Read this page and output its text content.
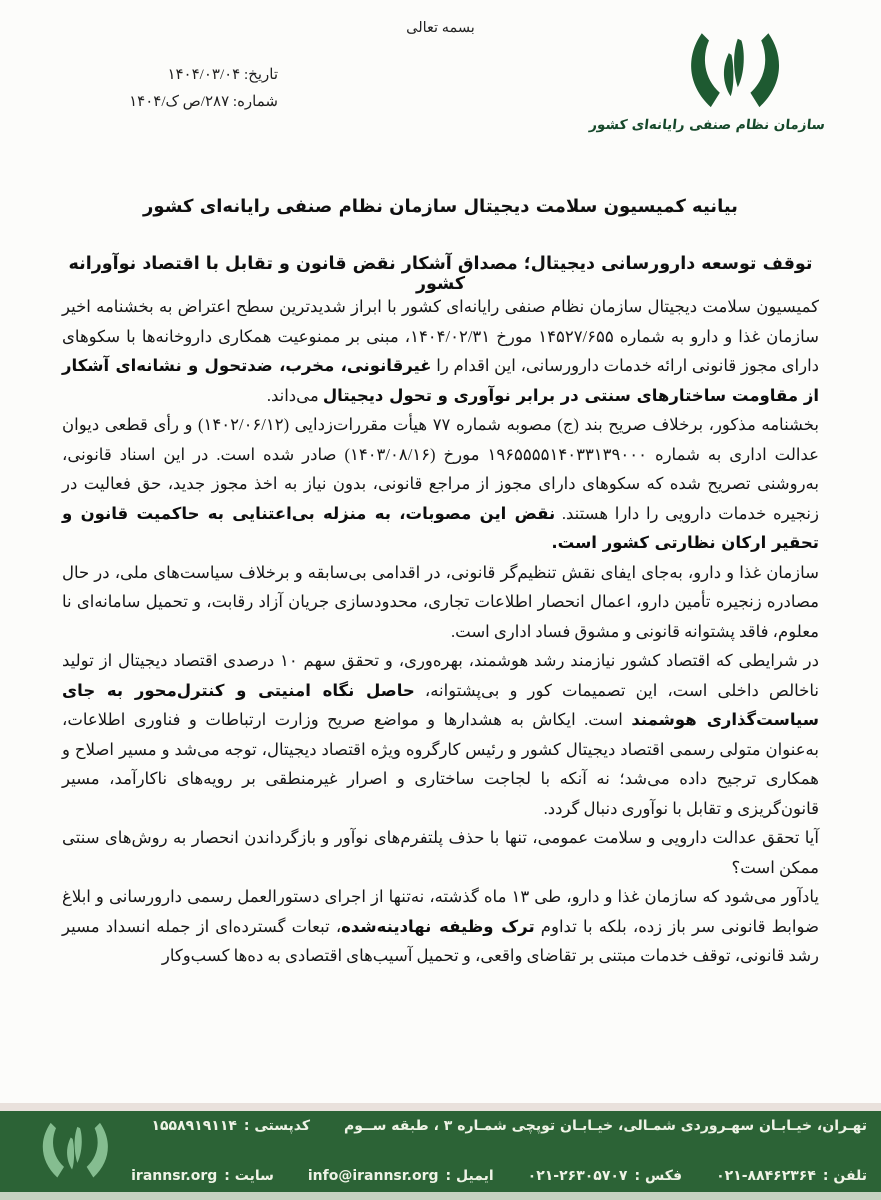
بسمه تعالی
تاریخ: ۱۴۰۴/۰۳/۰۴
شماره: ۲۸۷/ص ک/۱۴۰۴
سازمان نظام صنفی رایانه‌ای کشور
بیانیه کمیسیون سلامت دیجیتال سازمان نظام صنفی رایانه‌ای کشور
توقف توسعه دارورسانی دیجیتال؛ مصداق آشکار نقض قانون و تقابل با اقتصاد نوآورانه کشور

کمیسیون سلامت دیجیتال سازمان نظام صنفی رایانه‌ای کشور با ابراز شدیدترین سطح اعتراض به بخشنامه اخیر سازمان غذا و دارو به شماره ۱۴۵۲۷/۶۵۵ مورخ ۱۴۰۴/۰۲/۳۱، مبنی بر ممنوعیت همکاری داروخانه‌ها با سکوهای دارای مجوز قانونی ارائه خدمات دارورسانی، این اقدام را غیرقانونی، مخرب، ضدتحول و نشانه‌ای آشکار از مقاومت ساختارهای سنتی در برابر نوآوری و تحول دیجیتال می‌داند.

بخشنامه مذکور، برخلاف صریح بند (ج) مصوبه شماره ۷۷ هیأت مقررات‌زدایی (۱۴۰۲/۰۶/۱۲) و رأی قطعی دیوان عدالت اداری به شماره ۱۹۶۵۵۵۵۱۴۰۳۳۱۳۹۰۰۰ مورخ (۱۴۰۳/۰۸/۱۶) صادر شده است. در این اسناد قانونی، به‌روشنی تصریح شده که سکوهای دارای مجوز از مراجع قانونی، بدون نیاز به اخذ مجوز جدید، حق فعالیت در زنجیره خدمات دارویی را دارا هستند. نقض این مصوبات، به منزله بی‌اعتنایی به حاکمیت قانون و تحقیر ارکان نظارتی کشور است.

سازمان غذا و دارو، به‌جای ایفای نقش تنظیم‌گر قانونی، در اقدامی بی‌سابقه و برخلاف سیاست‌های ملی، در حال مصادره زنجیره تأمین دارو، اعمال انحصار اطلاعات تجاری، محدودسازی جریان آزاد رقابت، و تحمیل سامانه‌ای نا معلوم، فاقد پشتوانه قانونی و مشوق فساد اداری است.

در شرایطی که اقتصاد کشور نیازمند رشد هوشمند، بهره‌وری، و تحقق سهم ۱۰ درصدی اقتصاد دیجیتال از تولید ناخالص داخلی است، این تصمیمات کور و بی‌پشتوانه، حاصل نگاه امنیتی و کنترل‌محور به جای سیاست‌گذاری هوشمند است. ایکاش به هشدارها و مواضع صریح وزارت ارتباطات و فناوری اطلاعات، به‌عنوان متولی رسمی اقتصاد دیجیتال کشور و رئیس کارگروه ویژه اقتصاد دیجیتال، توجه می‌شد و مسیر اصلاح و همکاری ترجیح داده می‌شد؛ نه آنکه با لجاجت ساختاری و اصرار غیرمنطقی بر رویه‌های ناکارآمد، مسیر قانون‌گریزی و تقابل با نوآوری دنبال گردد.

آیا تحقق عدالت دارویی و سلامت عمومی، تنها با حذف پلتفرم‌های نوآور و بازگرداندن انحصار به روش‌های سنتی ممکن است؟

یادآور می‌شود که سازمان غذا و دارو، طی ۱۳ ماه گذشته، نه‌تنها از اجرای دستورالعمل رسمی دارورسانی و ابلاغ ضوابط قانونی سر باز زده، بلکه با تداوم ترک وظیفه نهادینه‌شده، تبعات گسترده‌ای از جمله انسداد مسیر رشد قانونی، توقف خدمات مبتنی بر تقاضای واقعی، و تحمیل آسیب‌های اقتصادی به ده‌ها کسب‌وکار

تهـران، خیـابـان سهـروردی شمـالی، خیـابـان توپچی شمـاره ۳ ، طبقه ســوم
کدپستی :
۱۵۵۸۹۱۹۱۱۴
تلفن :
۰۲۱-۸۸۴۶۲۳۶۴
فکس :
۰۲۱-۲۶۳۰۵۷۰۷
ایمیل :
info@irannsr.org
سایت :
irannsr.org
